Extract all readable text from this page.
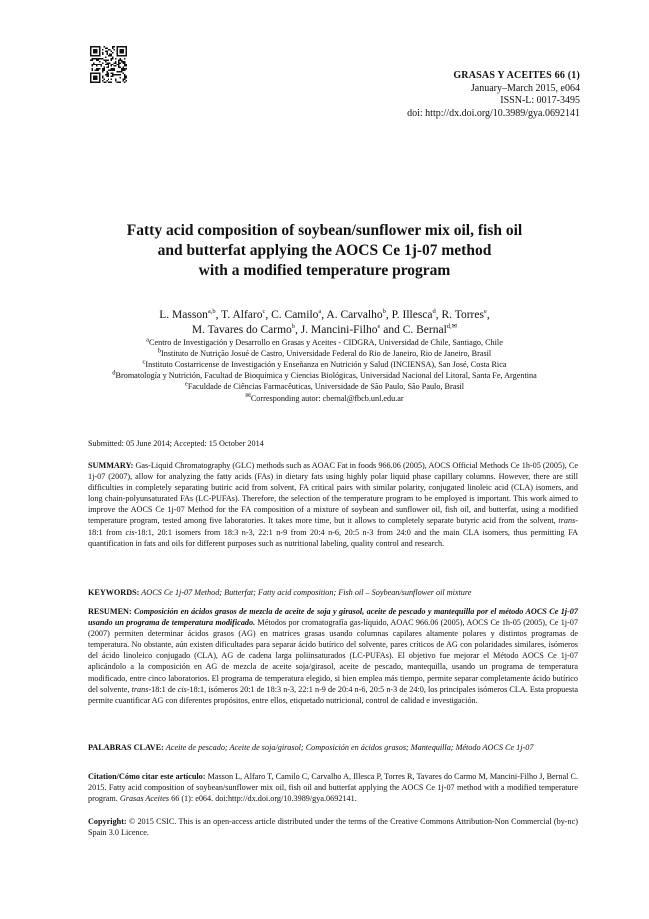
GRASAS Y ACEITES 66 (1)
January–March 2015, e064
ISSN-L: 0017-3495
doi: http://dx.doi.org/10.3989/gya.0692141
Fatty acid composition of soybean/sunflower mix oil, fish oil
and butterfat applying the AOCS Ce 1j-07 method
with a modified temperature program
L. Masson$^{a,b}$, T. Alfaro$^c$, C. Camilo$^a$, A. Carvalho$^b$, P. Illesca$^d$, R. Torres$^e$,
M. Tavares do Carmo$^b$, J. Mancini-Filho$^e$ and C. Bernal$^{d,✉}$
$^a$Centro de Investigación y Desarrollo en Grasas y Aceites - CIDGRA, Universidad de Chile, Santiago, Chile
$^b$Instituto de Nutrição Josué de Castro, Universidade Federal do Rio de Janeiro, Rio de Janeiro, Brasil
$^c$Instituto Costarricense de Investigación y Enseñanza en Nutrición y Salud (INCIENSA), San José, Costa Rica
$^d$Bromatología y Nutrición, Facultad de Bioquímica y Ciencias Biológicas, Universidad Nacional del Litoral, Santa Fe, Argentina
$^e$Faculdade de Ciências Farmacêuticas, Universidade de São Paulo, São Paulo, Brasil
✉Corresponding autor: cbernal@fbcb.unl.edu.ar
Submitted: 05 June 2014; Accepted: 15 October 2014
SUMMARY: Gas-Liquid Chromatography (GLC) methods such as AOAC Fat in foods 966.06 (2005), AOCS Official Methods Ce 1h-05 (2005), Ce 1j-07 (2007), allow for analyzing the fatty acids (FAs) in dietary fats using highly polar liquid phase capillary columns. However, there are still difficulties in completely separating butiric acid from solvent, FA critical pairs with similar polarity, conjugated linoleic acid (CLA) isomers, and long chain-polyunsaturated FAs (LC-PUFAs). Therefore, the selection of the temperature program to be employed is important. This work aimed to improve the AOCS Ce 1j-07 Method for the FA composition of a mixture of soybean and sunflower oil, fish oil, and butterfat, using a modified temperature program, tested among five laboratories. It takes more time, but it allows to completely separate butyric acid from the solvent, trans-18:1 from cis-18:1, 20:1 isomers from 18:3 n-3, 22:1 n-9 from 20:4 n-6, 20:5 n-3 from 24:0 and the main CLA isomers, thus permitting FA quantification in fats and oils for different purposes such as nutritional labeling, quality control and research.
KEYWORDS: AOCS Ce 1j-07 Method; Butterfat; Fatty acid composition; Fish oil – Soybean/sunflower oil mixture
RESUMEN: Composición en ácidos grasos de mezcla de aceite de soja y girasol, aceite de pescado y mantequilla por el método AOCS Ce 1j-07 usando un programa de temperatura modificado. Métodos por cromatografía gas-líquido, AOAC 966.06 (2005), AOCS Ce 1h-05 (2005), Ce 1j-07 (2007) permiten determinar ácidos grasos (AG) en matrices grasas usando columnas capilares altamente polares y distintos programas de temperatura. No obstante, aún existen dificultades para separar ácido butírico del solvente, pares críticos de AG con polaridades similares, isómeros del ácido linoleico conjugado (CLA), AG de cadena larga poliinsaturados (LC-PUFAs). El objetivo fue mejorar el Método AOCS Ce 1j-07 aplicándolo a la composición en AG de mezcla de aceite soja/girasol, aceite de pescado, mantequilla, usando un programa de temperatura modificado, entre cinco laboratorios. El programa de temperatura elegido, si bien emplea más tiempo, permite separar completamente ácido butírico del solvente, trans-18:1 de cis-18:1, isómeros 20:1 de 18:3 n-3, 22:1 n-9 de 20:4 n-6, 20:5 n-3 de 24:0, los principales isómeros CLA. Esta propuesta permite cuantificar AG con diferentes propósitos, entre ellos, etiquetado nutricional, control de calidad e investigación.
PALABRAS CLAVE: Aceite de pescado; Aceite de soja/girasol; Composición en ácidos grasos; Mantequilla; Método AOCS Ce 1j-07
Citation/Cómo citar este artículo: Masson L, Alfaro T, Camilo C, Carvalho A, Illesca P, Torres R, Tavares do Carmo M, Mancini-Filho J, Bernal C. 2015. Fatty acid composition of soybean/sunflower mix oil, fish oil and butterfat applying the AOCS Ce 1j-07 method with a modified temperature program. Grasas Aceites 66 (1): e064. doi:http://dx.doi.org/10.3989/gya.0692141.
Copyright: © 2015 CSIC. This is an open-access article distributed under the terms of the Creative Commons Attribution-Non Commercial (by-nc) Spain 3.0 Licence.
